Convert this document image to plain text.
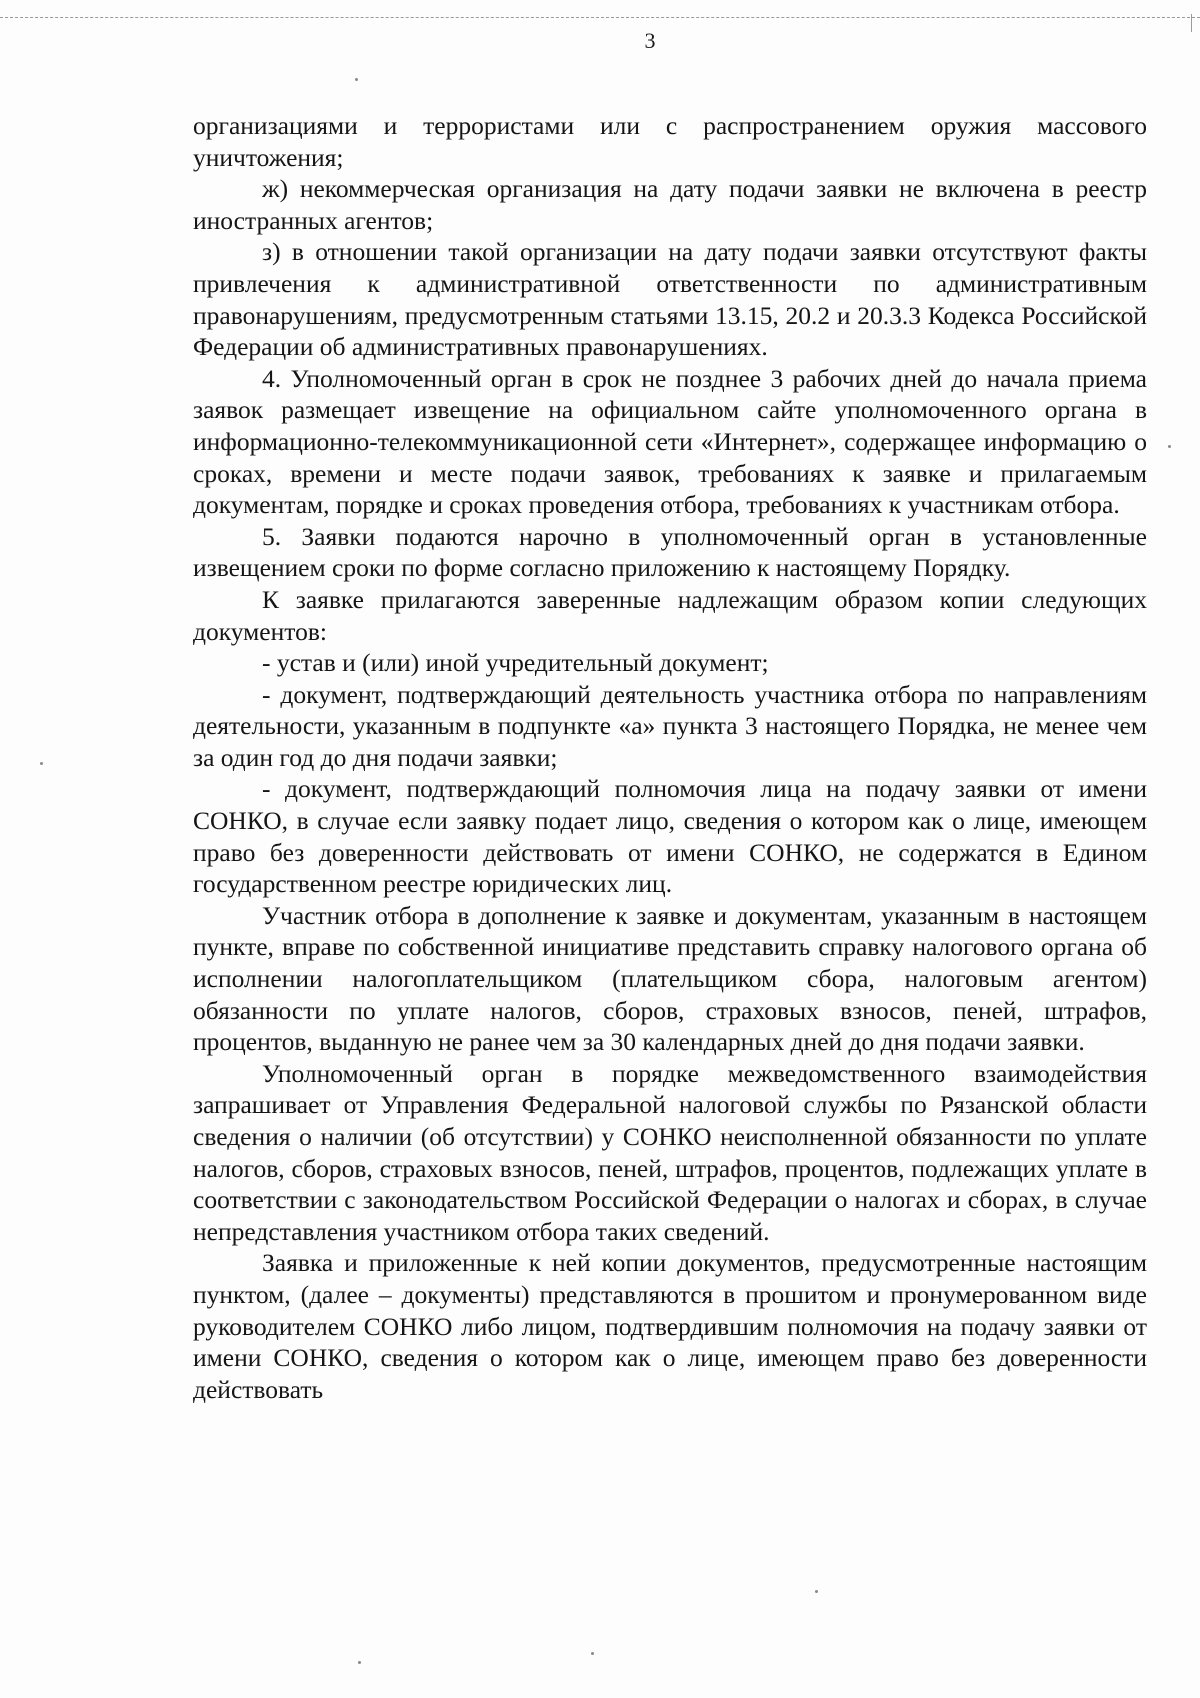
3

организациями и террористами или с распространением оружия массового уничтожения;

ж) некоммерческая организация на дату подачи заявки не включена в реестр иностранных агентов;

з) в отношении такой организации на дату подачи заявки отсутствуют факты привлечения к административной ответственности по административным правонарушениям, предусмотренным статьями 13.15, 20.2 и 20.3.3 Кодекса Российской Федерации об административных правонарушениях.

4. Уполномоченный орган в срок не позднее 3 рабочих дней до начала приема заявок размещает извещение на официальном сайте уполномоченного органа в информационно-телекоммуникационной сети «Интернет», содержащее информацию о сроках, времени и месте подачи заявок, требованиях к заявке и прилагаемым документам, порядке и сроках проведения отбора, требованиях к участникам отбора.

5. Заявки подаются нарочно в уполномоченный орган в установленные извещением сроки по форме согласно приложению к настоящему Порядку.

К заявке прилагаются заверенные надлежащим образом копии следующих документов:

- устав и (или) иной учредительный документ;

- документ, подтверждающий деятельность участника отбора по направлениям деятельности, указанным в подпункте «а» пункта 3 настоящего Порядка, не менее чем за один год до дня подачи заявки;

- документ, подтверждающий полномочия лица на подачу заявки от имени СОНКО, в случае если заявку подает лицо, сведения о котором как о лице, имеющем право без доверенности действовать от имени СОНКО, не содержатся в Едином государственном реестре юридических лиц.

Участник отбора в дополнение к заявке и документам, указанным в настоящем пункте, вправе по собственной инициативе представить справку налогового органа об исполнении налогоплательщиком (плательщиком сбора, налоговым агентом) обязанности по уплате налогов, сборов, страховых взносов, пеней, штрафов, процентов, выданную не ранее чем за 30 календарных дней до дня подачи заявки.

Уполномоченный орган в порядке межведомственного взаимодействия запрашивает от Управления Федеральной налоговой службы по Рязанской области сведения о наличии (об отсутствии) у СОНКО неисполненной обязанности по уплате налогов, сборов, страховых взносов, пеней, штрафов, процентов, подлежащих уплате в соответствии с законодательством Российской Федерации о налогах и сборах, в случае непредставления участником отбора таких сведений.

Заявка и приложенные к ней копии документов, предусмотренные настоящим пунктом, (далее – документы) представляются в прошитом и пронумерованном виде руководителем СОНКО либо лицом, подтвердившим полномочия на подачу заявки от имени СОНКО, сведения о котором как о лице, имеющем право без доверенности действовать
